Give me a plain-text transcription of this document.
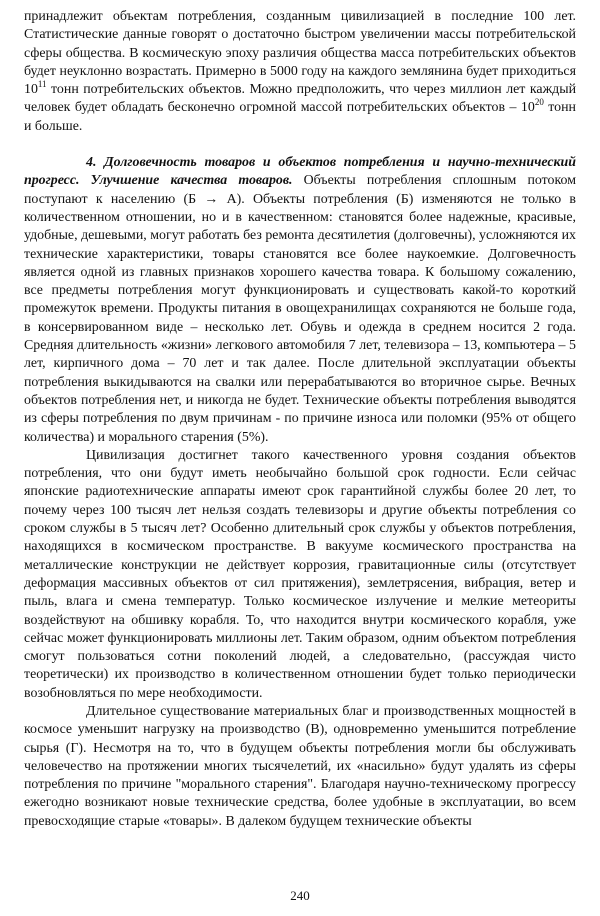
принадлежит объектам потребления, созданным цивилизацией в последние 100 лет. Статистические данные говорят о достаточно быстром увеличении массы потребительской сферы общества. В космическую эпоху различия общества масса потребительских объектов будет неуклонно возрастать. Примерно в 5000 году на каждого землянина будет приходиться $10^{11}$ тонн потребительских объектов. Можно предположить, что через миллион лет каждый человек будет обладать бесконечно огромной массой потребительских объектов – $10^{20}$ тонн и больше.

4. Долговечность товаров и объектов потребления и научно-технический прогресс. Улучшение качества товаров. Объекты потребления сплошным потоком поступают к населению (Б → А). Объекты потребления (Б) изменяются не только в количественном отношении, но и в качественном: становятся более надежные, красивые, удобные, дешевыми, могут работать без ремонта десятилетия (долговечны), усложняются их технические характеристики, товары становятся все более наукоемкие. Долговечность является одной из главных признаков хорошего качества товара. К большому сожалению, все предметы потребления могут функционировать и существовать какой-то короткий промежуток времени. Продукты питания в овощехранилищах сохраняются не больше года, в консервированном виде – несколько лет. Обувь и одежда в среднем носится 2 года. Средняя длительность «жизни» легкового автомобиля 7 лет, телевизора – 13, компьютера – 5 лет, кирпичного дома – 70 лет и так далее. После длительной эксплуатации объекты потребления выкидываются на свалки или перерабатываются во вторичное сырье. Вечных объектов потребления нет, и никогда не будет. Технические объекты потребления выводятся из сферы потребления по двум причинам - по причине износа или поломки (95% от общего количества) и морального старения (5%).

Цивилизация достигнет такого качественного уровня создания объектов потребления, что они будут иметь необычайно большой срок годности. Если сейчас японские радиотехнические аппараты имеют срок гарантийной службы более 20 лет, то почему через 100 тысяч лет нельзя создать телевизоры и другие объекты потребления со сроком службы в 5 тысяч лет? Особенно длительный срок службы у объектов потребления, находящихся в космическом пространстве. В вакууме космического пространства на металлические конструкции не действует коррозия, гравитационные силы (отсутствует деформация массивных объектов от сил притяжения), землетрясения, вибрация, ветер и пыль, влага и смена температур. Только космическое излучение и мелкие метеориты воздействуют на обшивку корабля. То, что находится внутри космического корабля, уже сейчас может функционировать миллионы лет. Таким образом, одним объектом потребления смогут пользоваться сотни поколений людей, а следовательно, (рассуждая чисто теоретически) их производство в количественном отношении будет только периодически возобновляться по мере необходимости.

Длительное существование материальных благ и производственных мощностей в космосе уменьшит нагрузку на производство (В), одновременно уменьшится потребление сырья (Г). Несмотря на то, что в будущем объекты потребления могли бы обслуживать человечество на протяжении многих тысячелетий, их «насильно» будут удалять из сферы потребления по причине "морального старения". Благодаря научно-техническому прогрессу ежегодно возникают новые технические средства, более удобные в эксплуатации, во всем превосходящие старые «товары». В далеком будущем технические объекты

240
